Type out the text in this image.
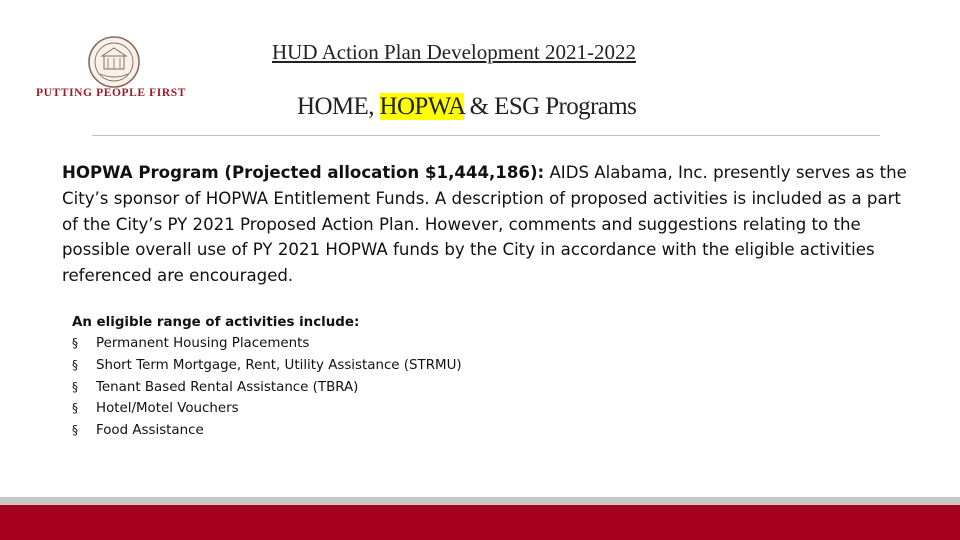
PUTTING PEOPLE FIRST
HUD Action Plan Development 2021-2022
HOME, HOPWA & ESG Programs
HOPWA Program (Projected allocation $1,444,186): AIDS Alabama, Inc. presently serves as the City’s sponsor of HOPWA Entitlement Funds. A description of proposed activities is included as a part of the City’s PY 2021 Proposed Action Plan. However, comments and suggestions relating to the possible overall use of PY 2021 HOPWA funds by the City in accordance with the eligible activities referenced are encouraged.
An eligible range of activities include:
§	Permanent Housing Placements
§	Short Term Mortgage, Rent, Utility Assistance (STRMU)
§	Tenant Based Rental Assistance (TBRA)
§	Hotel/Motel Vouchers
§	Food Assistance
